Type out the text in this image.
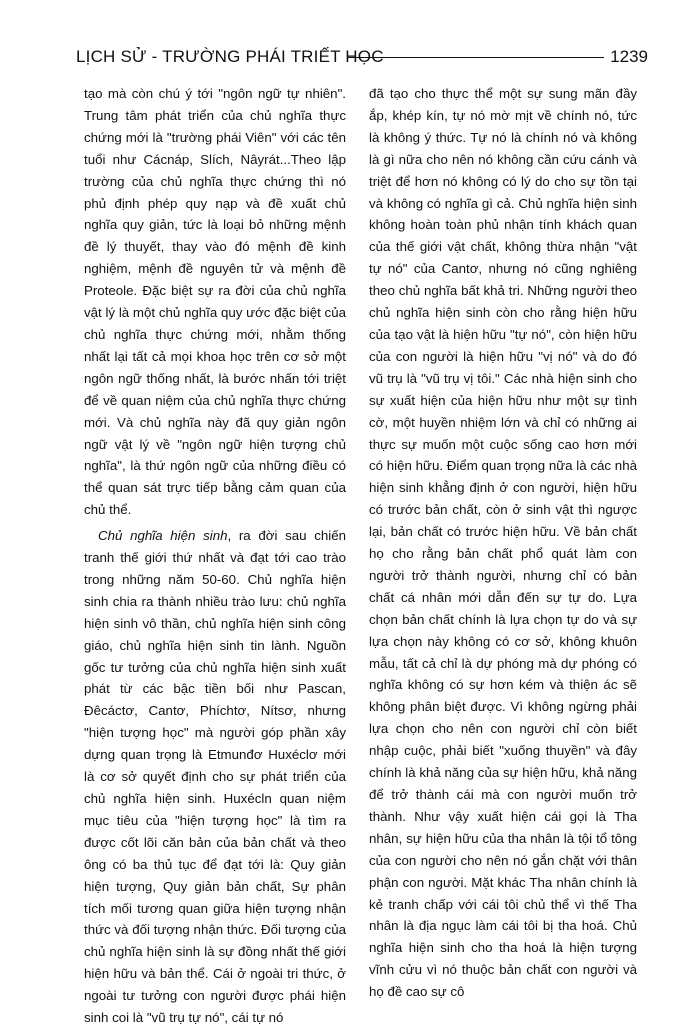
LỊCH SỬ - TRƯỜNG PHÁI TRIẾT HỌC	1239

tạo mà còn chú ý tới "ngôn ngữ tự nhiên". Trung tâm phát triển của chủ nghĩa thực chứng mới là "trường phái Viên" với các tên tuổi như Cácnáp, Slích, Nâyrát...Theo lập trường của chủ nghĩa thực chứng thì nó phủ định phép quy nạp và đề xuất chủ nghĩa quy giản, tức là loại bỏ những mệnh đề lý thuyết, thay vào đó mệnh đề kinh nghiệm, mệnh đề nguyên tử và mệnh đề Proteole. Đặc biệt sự ra đời của chủ nghĩa vật lý là một chủ nghĩa quy ước đặc biệt của chủ nghĩa thực chứng mới, nhằm thống nhất lại tất cả mọi khoa học trên cơ sở một ngôn ngữ thống nhất, là bước nhấn tới triệt để về quan niệm của chủ nghĩa thực chứng mới. Và chủ nghĩa này đã quy giản ngôn ngữ vật lý về "ngôn ngữ hiện tượng chủ nghĩa", là thứ ngôn ngữ của những điều có thể quan sát trực tiếp bằng cảm quan của chủ thể.

Chủ nghĩa hiện sinh, ra đời sau chiến tranh thế giới thứ nhất và đạt tới cao trào trong những năm 50-60. Chủ nghĩa hiện sinh chia ra thành nhiều trào lưu: chủ nghĩa hiện sinh vô thần, chủ nghĩa hiện sinh công giáo, chủ nghĩa hiện sinh tin lành. Nguồn gốc tư tưởng của chủ nghĩa hiện sinh xuất phát từ các bậc tiền bối như Pascan, Đêcáctơ, Cantơ, Phíchtơ, Nítsơ, nhưng "hiện tượng học" mà người góp phần xây dựng quan trọng là Etmunđơ Huxéclơ mới là cơ sở quyết định cho sự phát triển của chủ nghĩa hiện sinh. Huxécln quan niệm mục tiêu của "hiện tượng học" là tìm ra được cốt lõi căn bản của bản chất và theo ông có ba thủ tục để đạt tới là: Quy giản hiện tượng, Quy giản bản chất, Sự phân tích mối tương quan giữa hiện tượng nhận thức và đối tượng nhận thức. Đối tượng của chủ nghĩa hiện sinh là sự đồng nhất thế giới hiện hữu và bản thể. Cái ở ngoài tri thức, ở ngoài tư tưởng con người được phái hiện sinh coi là "vũ trụ tự nó", cái tự nó

đã tạo cho thực thể một sự sung mãn đầy ắp, khép kín, tự nó mờ mịt về chính nó, tức là không ý thức. Tự nó là chính nó và không là gì nữa cho nên nó không cần cứu cánh và triệt để hơn nó không có lý do cho sự tồn tại và không có nghĩa gì cả. Chủ nghĩa hiện sinh không hoàn toàn phủ nhận tính khách quan của thế giới vật chất, không thừa nhận "vật tự nó" của Cantơ, nhưng nó cũng nghiêng theo chủ nghĩa bất khả tri. Những người theo chủ nghĩa hiện sinh còn cho rằng hiện hữu của tạo vật là hiện hữu "tự nó", còn hiện hữu của con người là hiện hữu "vị nó" và do đó vũ trụ là "vũ trụ vị tôi." Các nhà hiện sinh cho sự xuất hiện của hiện hữu như một sự tình cờ, một huyền nhiệm lớn và chỉ có những ai thực sự muốn một cuộc sống cao hơn mới có hiện hữu. Điểm quan trọng nữa là các nhà hiện sinh khẳng định ở con người, hiện hữu có trước bản chất, còn ở sinh vật thì ngược lại, bản chất có trước hiện hữu. Về bản chất họ cho rằng bản chất phổ quát làm con người trở thành người, nhưng chỉ có bản chất cá nhân mới dẫn đến sự tự do. Lựa chọn bản chất chính là lựa chọn tự do và sự lựa chọn này không có cơ sở, không khuôn mẫu, tất cả chỉ là dự phóng mà dự phóng có nghĩa không có sự hơn kém và thiện ác sẽ không phân biệt được. Vì không ngừng phải lựa chọn cho nên con người chỉ còn biết nhập cuộc, phải biết "xuống thuyền" và đây chính là khả năng của sự hiện hữu, khả năng để trở thành cái mà con người muốn trở thành. Như vậy xuất hiện cái gọi là Tha nhân, sự hiện hữu của tha nhân là tội tổ tông của con người cho nên nó gắn chặt với thân phận con người. Mặt khác Tha nhân chính là kẻ tranh chấp với cái tôi chủ thể vì thế Tha nhân là địa ngục làm cái tôi bị tha hoá. Chủ nghĩa hiện sinh cho tha hoá là hiện tượng vĩnh cửu vì nó thuộc bản chất con người và họ đề cao sự cô
